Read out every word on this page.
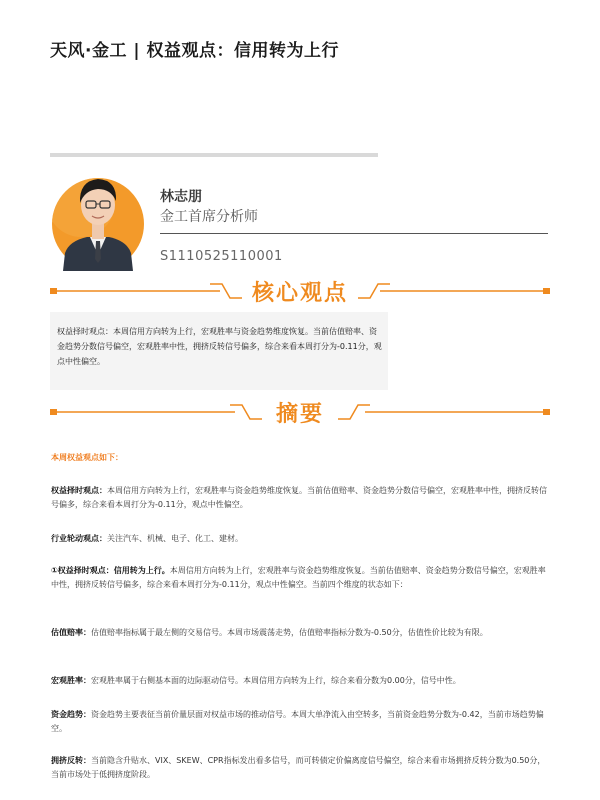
天风·金工 | 权益观点：信用转为上行
林志朋
金工首席分析师
S1110525110001
核心观点
权益择时观点：本周信用方向转为上行，宏观胜率与资金趋势维度恢复。当前估值赔率、资金趋势分数信号偏空，宏观胜率中性，拥挤反转信号偏多，综合来看本周打分为-0.11分，观点中性偏空。
摘要
本周权益观点如下：
权益择时观点：本周信用方向转为上行，宏观胜率与资金趋势维度恢复。当前估值赔率、资金趋势分数信号偏空，宏观胜率中性，拥挤反转信号偏多，综合来看本周打分为-0.11分，观点中性偏空。
行业轮动观点：关注汽车、机械、电子、化工、建材。
①权益择时观点：信用转为上行。本周信用方向转为上行，宏观胜率与资金趋势维度恢复。当前估值赔率、资金趋势分数信号偏空，宏观胜率中性，拥挤反转信号偏多，综合来看本周打分为-0.11分，观点中性偏空。当前四个维度的状态如下：
估值赔率：估值赔率指标属于最左侧的交易信号。本周市场震荡走势，估值赔率指标分数为-0.50分，估值性价比较为有限。
宏观胜率：宏观胜率属于右侧基本面的边际驱动信号。本周信用方向转为上行，综合来看分数为0.00分，信号中性。
资金趋势：资金趋势主要表征当前价量层面对权益市场的推动信号。本周大单净流入由空转多，当前资金趋势分数为-0.42，当前市场趋势偏空。
拥挤反转：当前隐含升贴水、VIX、SKEW、CPR指标发出看多信号，而可转债定价偏离度信号偏空，综合来看市场拥挤反转分数为0.50分，当前市场处于低拥挤度阶段。
